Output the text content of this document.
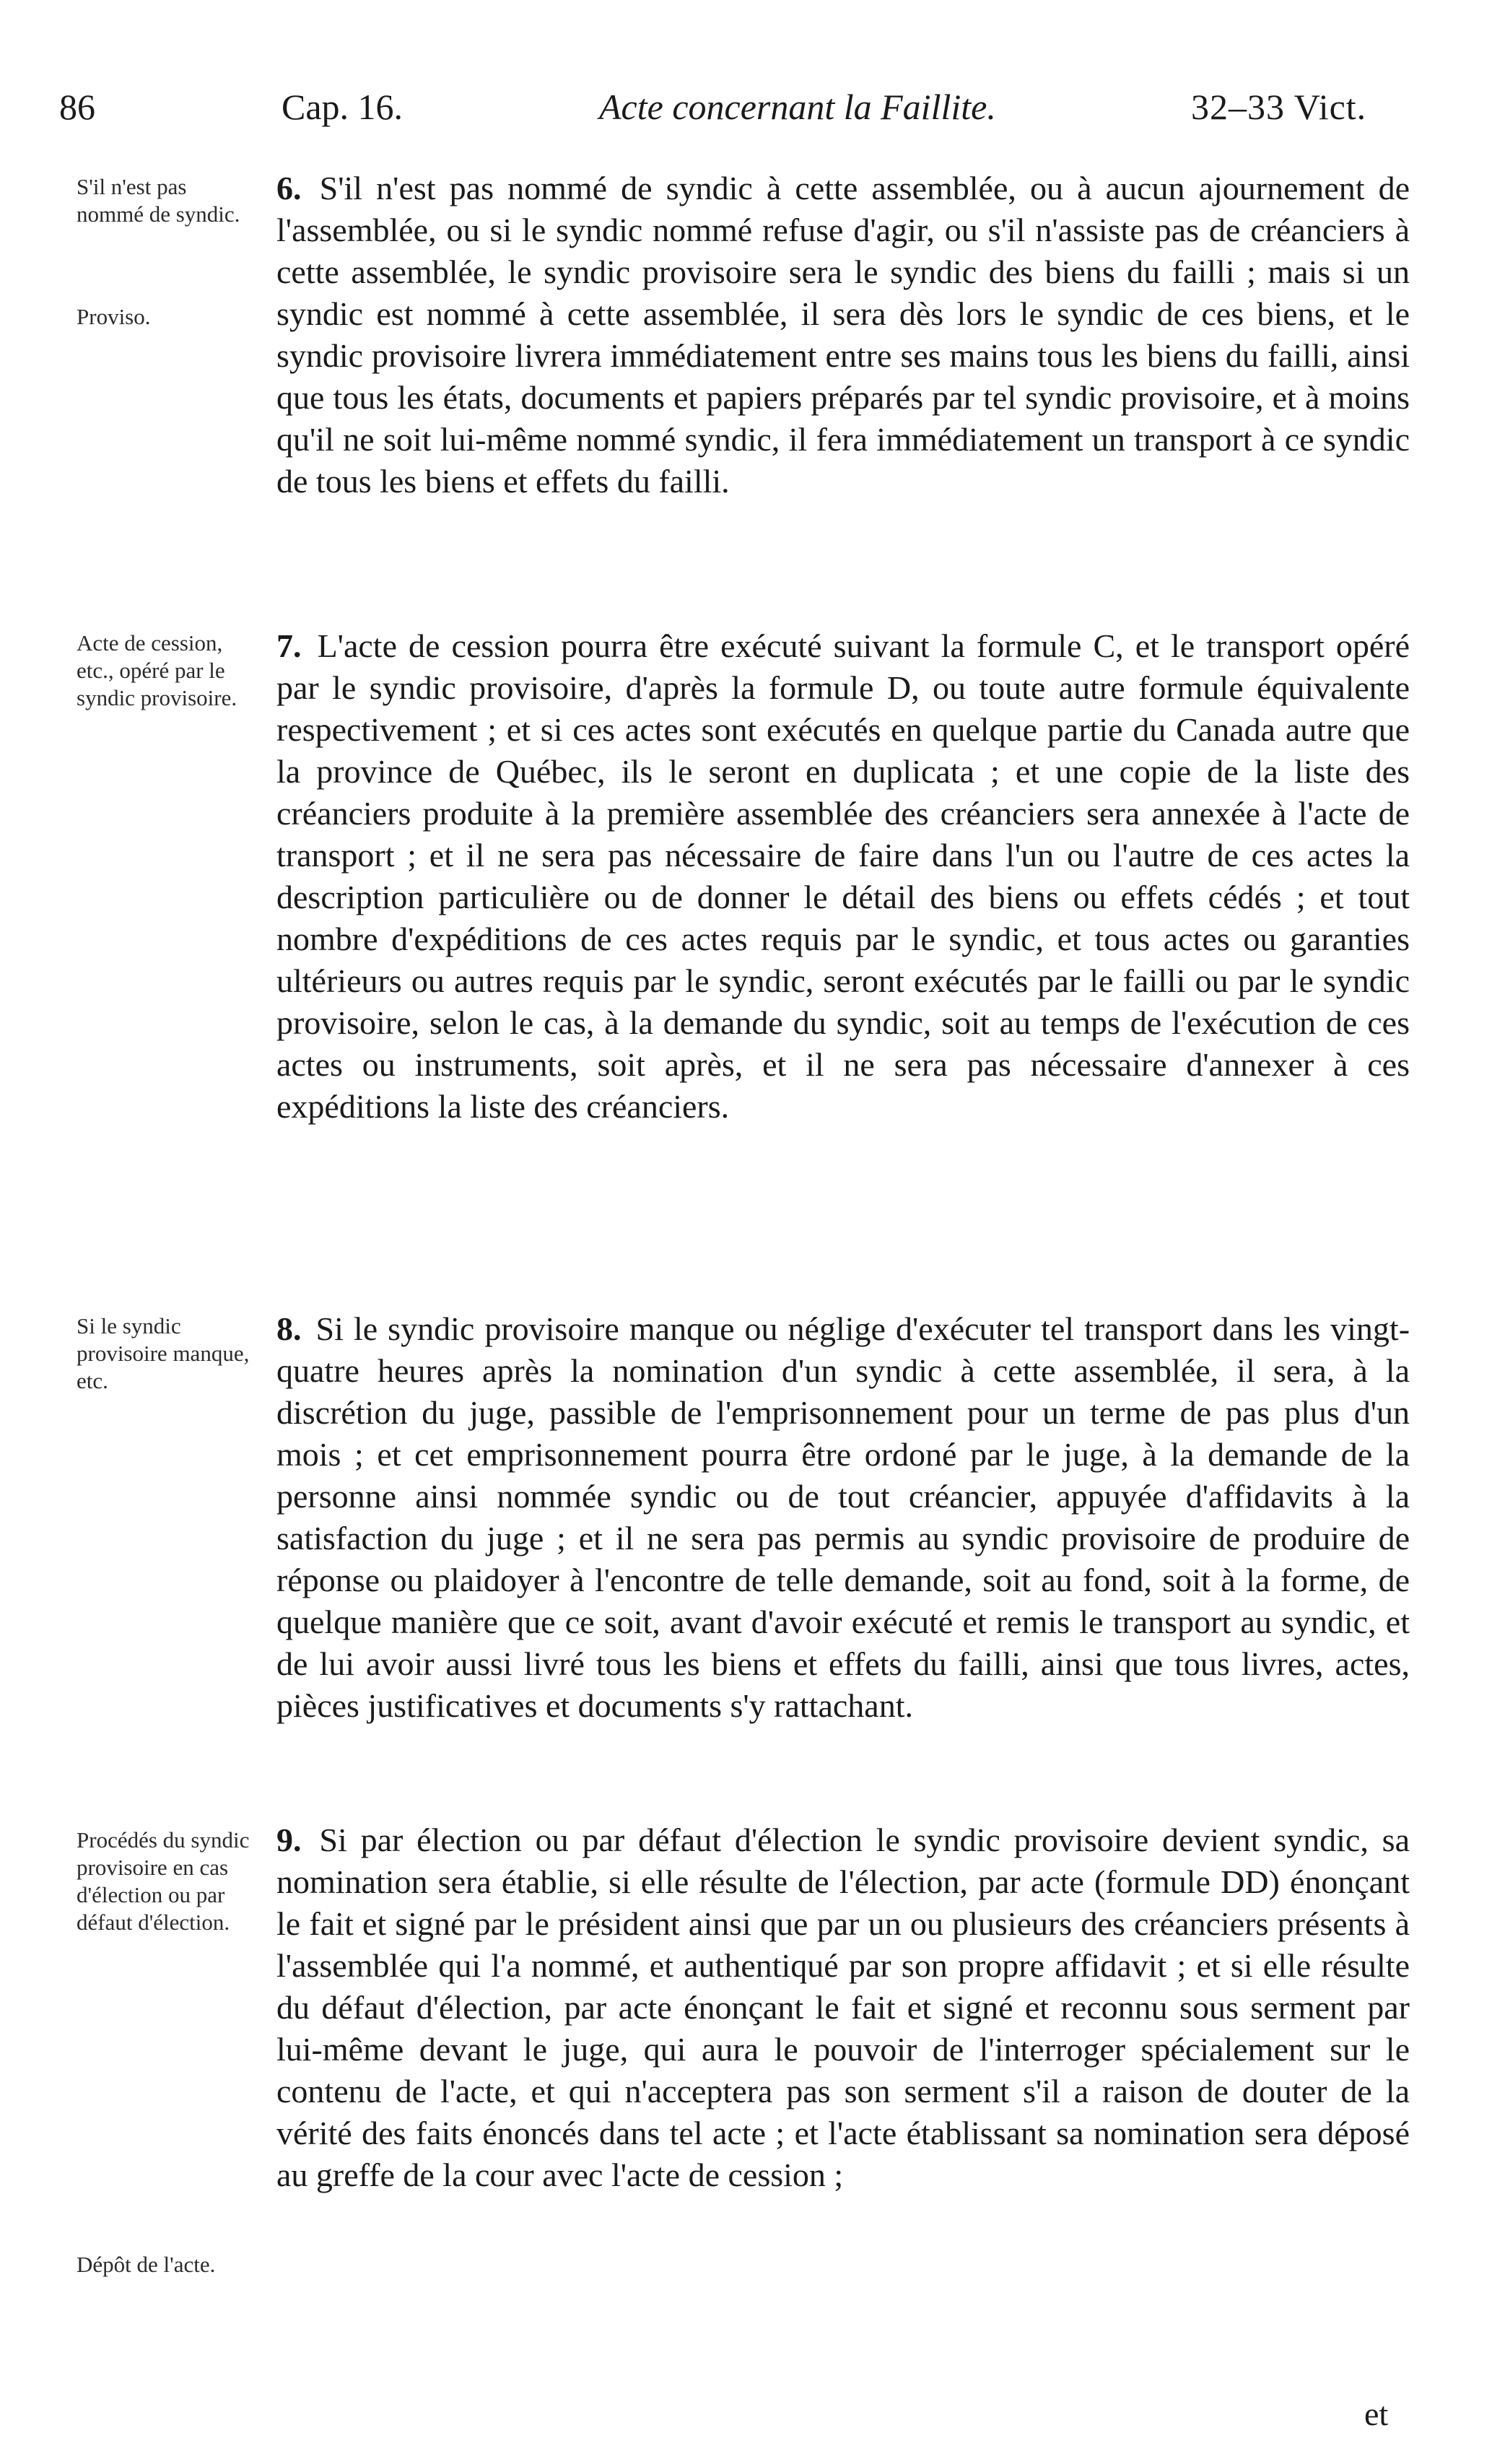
86	Cap. 16.	Acte concernant la Faillite.	32–33 Vict.
S'il n'est pas nommé de syndic.
Proviso.
Acte de cession, etc., opéré par le syndic provisoire.
Si le syndic provisoire manque, etc.
Procédés du syndic provisoire en cas d'élection ou par défaut d'élection.
Dépôt de l'acte.

6. S'il n'est pas nommé de syndic à cette assemblée, ou à aucun ajournement de l'assemblée, ou si le syndic nommé refuse d'agir, ou s'il n'assiste pas de créanciers à cette assemblée, le syndic provisoire sera le syndic des biens du failli ; mais si un syndic est nommé à cette assemblée, il sera dès lors le syndic de ces biens, et le syndic provisoire livrera immédiatement entre ses mains tous les biens du failli, ainsi que tous les états, documents et papiers préparés par tel syndic provisoire, et à moins qu'il ne soit lui-même nommé syndic, il fera immédiatement un transport à ce syndic de tous les biens et effets du failli.

7. L'acte de cession pourra être exécuté suivant la formule C, et le transport opéré par le syndic provisoire, d'après la formule D, ou toute autre formule équivalente respectivement ; et si ces actes sont exécutés en quelque partie du Canada autre que la province de Québec, ils le seront en duplicata ; et une copie de la liste des créanciers produite à la première assemblée des créanciers sera annexée à l'acte de transport ; et il ne sera pas nécessaire de faire dans l'un ou l'autre de ces actes la description particulière ou de donner le détail des biens ou effets cédés ; et tout nombre d'expéditions de ces actes requis par le syndic, et tous actes ou garanties ultérieurs ou autres requis par le syndic, seront exécutés par le failli ou par le syndic provisoire, selon le cas, à la demande du syndic, soit au temps de l'exécution de ces actes ou instruments, soit après, et il ne sera pas nécessaire d'annexer à ces expéditions la liste des créanciers.

8. Si le syndic provisoire manque ou néglige d'exécuter tel transport dans les vingt-quatre heures après la nomination d'un syndic à cette assemblée, il sera, à la discrétion du juge, passible de l'emprisonnement pour un terme de pas plus d'un mois ; et cet emprisonnement pourra être ordoné par le juge, à la demande de la personne ainsi nommée syndic ou de tout créancier, appuyée d'affidavits à la satisfaction du juge ; et il ne sera pas permis au syndic provisoire de produire de réponse ou plaidoyer à l'encontre de telle demande, soit au fond, soit à la forme, de quelque manière que ce soit, avant d'avoir exécuté et remis le transport au syndic, et de lui avoir aussi livré tous les biens et effets du failli, ainsi que tous livres, actes, pièces justificatives et documents s'y rattachant.

9. Si par élection ou par défaut d'élection le syndic provisoire devient syndic, sa nomination sera établie, si elle résulte de l'élection, par acte (formule DD) énonçant le fait et signé par le président ainsi que par un ou plusieurs des créanciers présents à l'assemblée qui l'a nommé, et authentiqué par son propre affidavit ; et si elle résulte du défaut d'élection, par acte énonçant le fait et signé et reconnu sous serment par lui-même devant le juge, qui aura le pouvoir de l'interroger spécialement sur le contenu de l'acte, et qui n'acceptera pas son serment s'il a raison de douter de la vérité des faits énoncés dans tel acte ; et l'acte établissant sa nomination sera déposé au greffe de la cour avec l'acte de cession ;

et
